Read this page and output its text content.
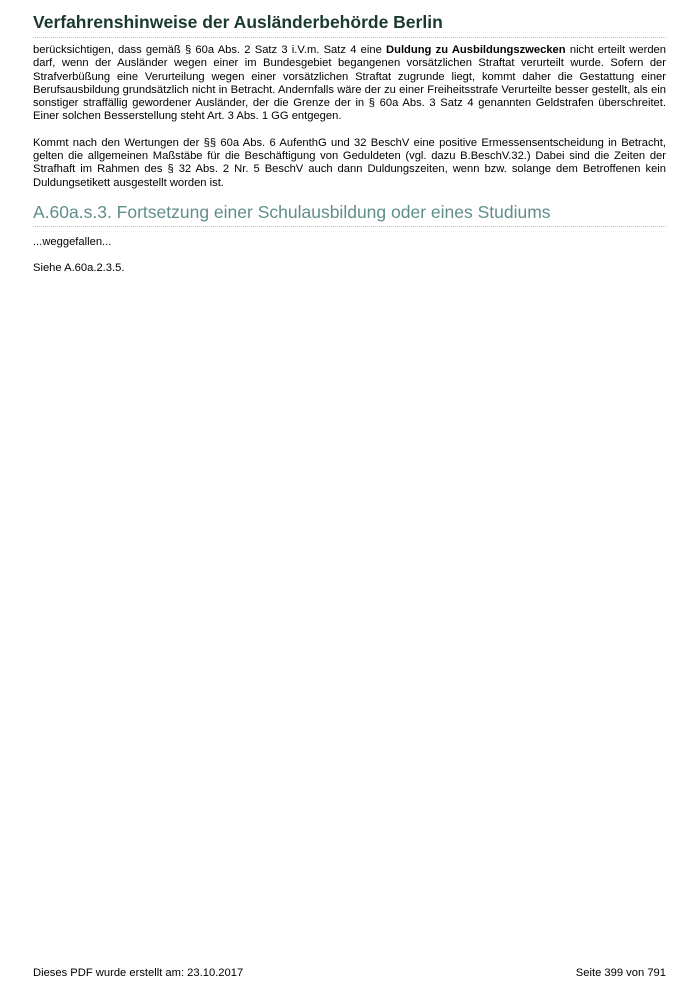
Verfahrenshinweise der Ausländerbehörde Berlin

berücksichtigen, dass gemäß § 60a Abs. 2 Satz 3 i.V.m. Satz 4 eine Duldung zu Ausbildungszwecken nicht erteilt werden darf, wenn der Ausländer wegen einer im Bundesgebiet begangenen vorsätzlichen Straftat verurteilt wurde. Sofern der Strafverbüßung eine Verurteilung wegen einer vorsätzlichen Straftat zugrunde liegt, kommt daher die Gestattung einer Berufsausbildung grundsätzlich nicht in Betracht. Andernfalls wäre der zu einer Freiheitsstrafe Verurteilte besser gestellt, als ein sonstiger straffällig gewordener Ausländer, der die Grenze der in § 60a Abs. 3 Satz 4 genannten Geldstrafen überschreitet. Einer solchen Besserstellung steht Art. 3 Abs. 1 GG entgegen.

Kommt nach den Wertungen der §§ 60a Abs. 6 AufenthG und 32 BeschV eine positive Ermessensentscheidung in Betracht, gelten die allgemeinen Maßstäbe für die Beschäftigung von Geduldeten (vgl. dazu B.BeschV.32.) Dabei sind die Zeiten der Strafhaft im Rahmen des § 32 Abs. 2 Nr. 5 BeschV auch dann Duldungszeiten, wenn bzw. solange dem Betroffenen kein Duldungsetikett ausgestellt worden ist.

A.60a.s.3. Fortsetzung einer Schulausbildung oder eines Studiums

...weggefallen...

Siehe A.60a.2.3.5.

Dieses PDF wurde erstellt am: 23.10.2017	Seite 399 von 791
